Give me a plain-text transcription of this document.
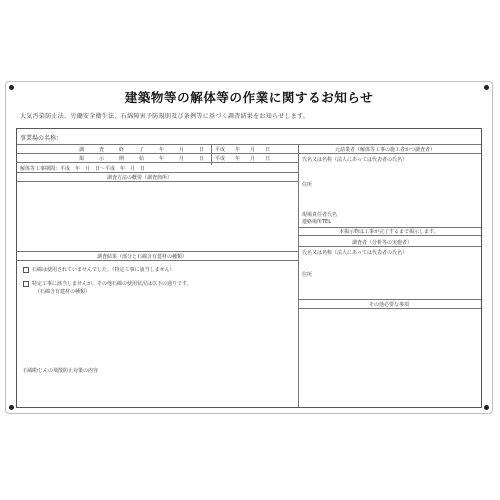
建築物等の解体等の作業に関するお知らせ
大気汚染防止法、労働安全衛生法、石綿障害予防規則及び条例等に基づく調査結果をお知らせします。
事業場の名称：
調　査　終　了　年　月　日 平成　　 年　　 月　　 日
掲　示　開　始　年　月　日 平成　　 年　　 月　　 日
解体等工事期間：平成　年　月　日〜平成　年　月　日
調査方法の概要（調査箇所）
調査結果（部分と石綿含有建材の種類）
石綿は使用されていませんでした。（特定工事に該当しません）
特定工事に該当しませんが、その他石綿の使用状況は以下の通りです。
（石綿含有建材の種類）
石綿粉じんの飛散防止対策の内容
元請業者（解体等工事の施工者かつ調査者）
氏名又は名称（法人にあっては代表者の氏名）
住所
現場責任者氏名
連絡場所TEL
本掲示物は工事が完了するまで掲示します。
調査者（分析等の実施者）
氏名又は名称（法人にあっては代表者の氏名）
住所
その他必要な事項
